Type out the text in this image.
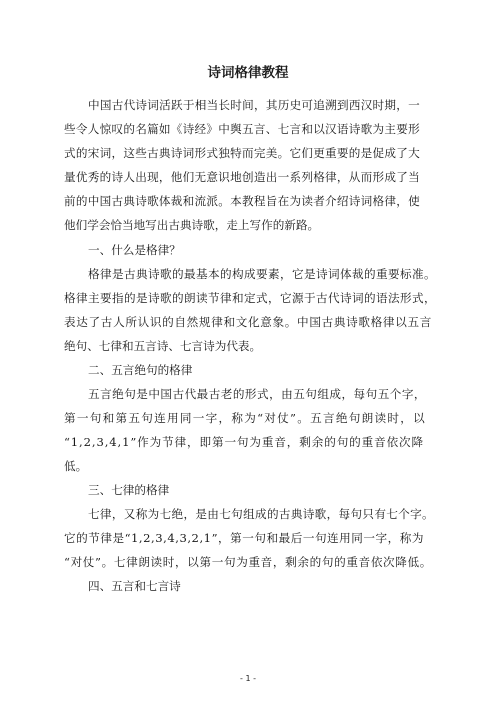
诗词格律教程
中国古代诗词活跃于相当长时间，其历史可追溯到西汉时期，一
些令人惊叹的名篇如《诗经》中舆五言、七言和以汉语诗歌为主要形
式的宋词，这些古典诗词形式独特而完美。它们更重要的是促成了大
量优秀的诗人出现，他们无意识地创造出一系列格律，从而形成了当
前的中国古典诗歌体裁和流派。本教程旨在为读者介绍诗词格律，使
他们学会恰当地写出古典诗歌，走上写作的新路。
一、什么是格律？
格律是古典诗歌的最基本的构成要素，它是诗词体裁的重要标准。
格律主要指的是诗歌的朗读节律和定式，它源于古代诗词的语法形式，
表达了古人所认识的自然规律和文化意象。中国古典诗歌格律以五言
绝句、七律和五言诗、七言诗为代表。
二、五言绝句的格律
五言绝句是中国古代最古老的形式，由五句组成，每句五个字，
第一句和第五句连用同一字，称为“对仗”。五言绝句朗读时，以
“1,2,3,4,1”作为节律，即第一句为重音，剩余的句的重音依次降
低。
三、七律的格律
七律，又称为七绝，是由七句组成的古典诗歌，每句只有七个字。
它的节律是“1,2,3,4,3,2,1”，第一句和最后一句连用同一字，称为
“对仗”。七律朗读时，以第一句为重音，剩余的句的重音依次降低。
四、五言和七言诗
- 1 -
